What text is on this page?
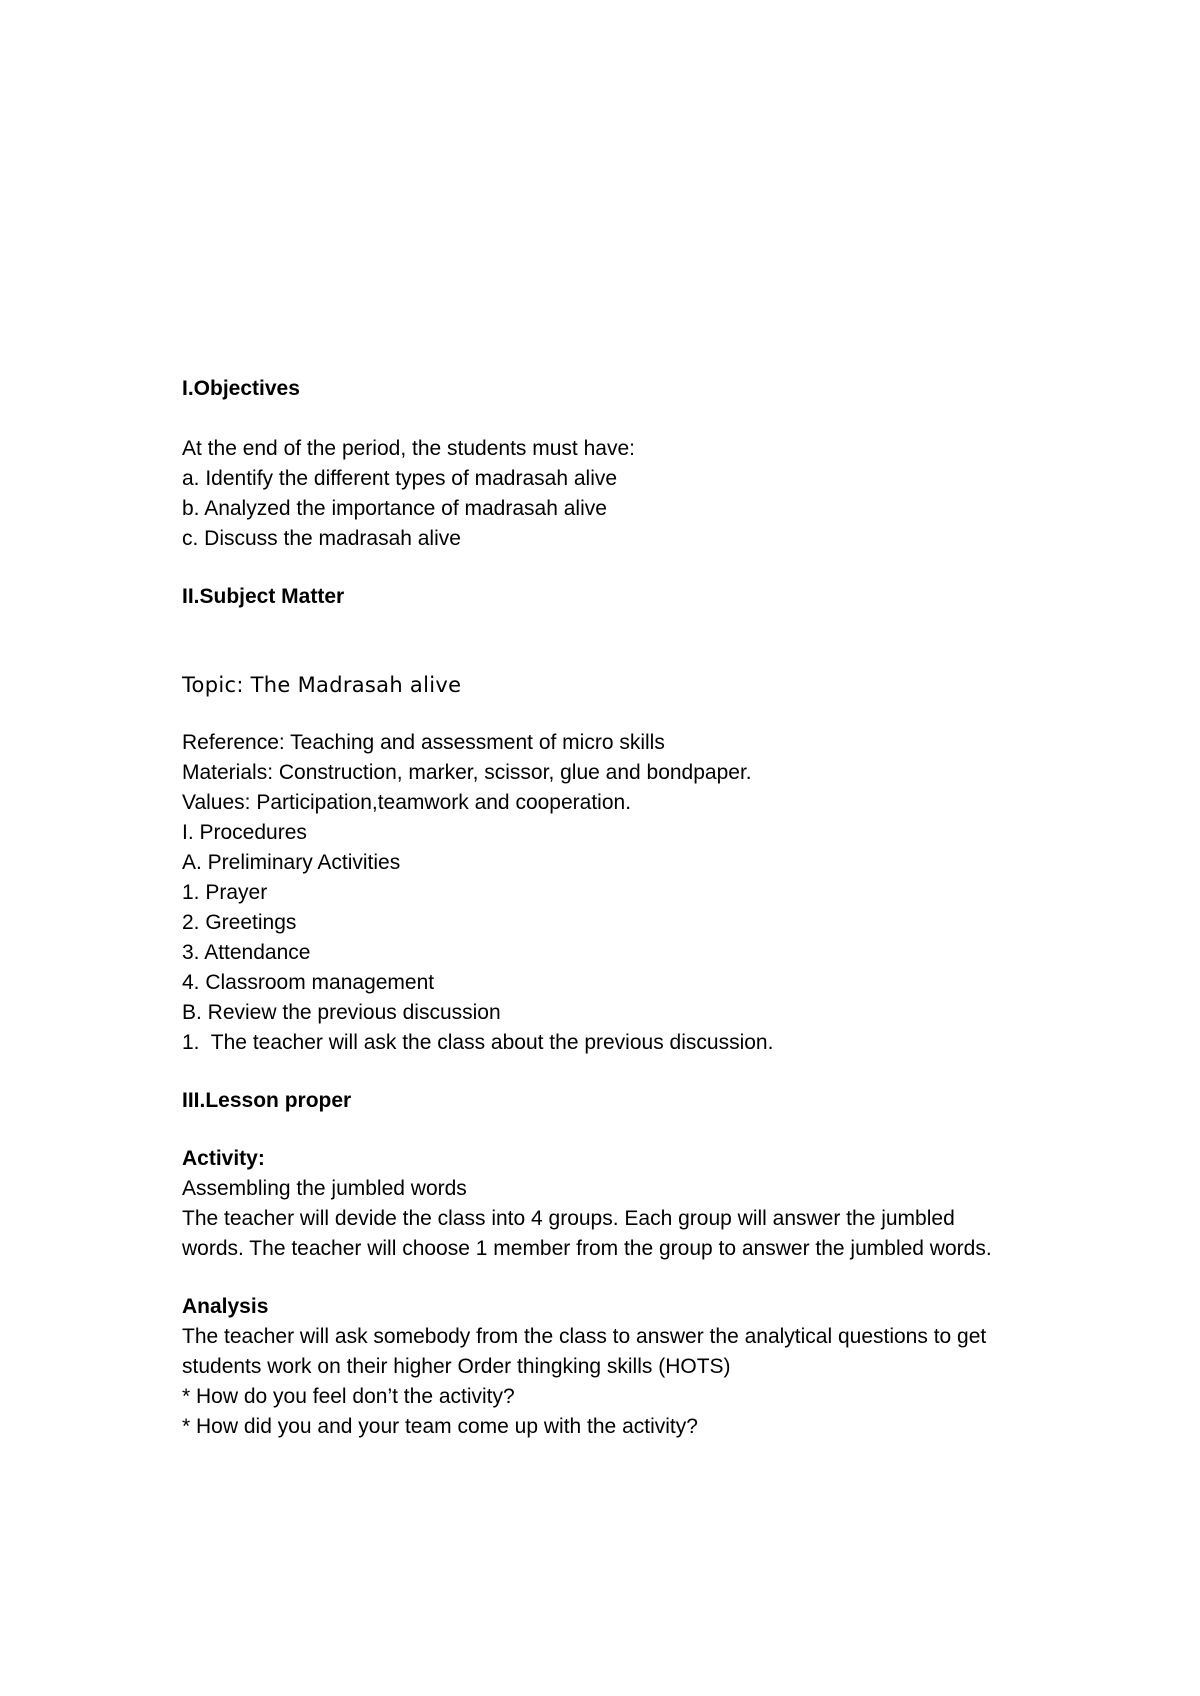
I.Objectives

At the end of the period, the students must have:

a. Identify the different types of madrasah alive

b. Analyzed the importance of madrasah alive

c. Discuss the madrasah alive

II.Subject Matter

Topic: The Madrasah alive

Reference: Teaching and assessment of micro skills

Materials: Construction, marker, scissor, glue and bondpaper.

Values: Participation,teamwork and cooperation.

I. Procedures

A. Preliminary Activities

1. Prayer

2. Greetings

3. Attendance

4. Classroom management

B. Review the previous discussion

1.  The teacher will ask the class about the previous discussion.

III.Lesson proper

Activity:

Assembling the jumbled words

The teacher will devide the class into 4 groups. Each group will answer the jumbled words. The teacher will choose 1 member from the group to answer the jumbled words.

Analysis

The teacher will ask somebody from the class to answer the analytical questions to get students work on their higher Order thingking skills (HOTS)

* How do you feel don’t the activity?

* How did you and your team come up with the activity?
